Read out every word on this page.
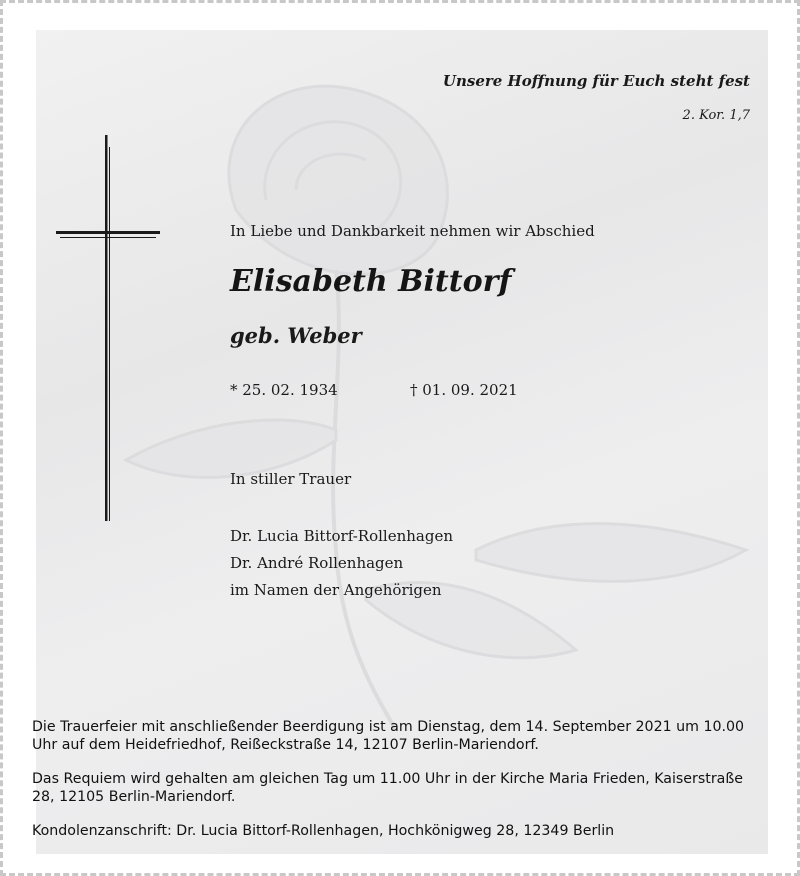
Unsere Hoffnung für Euch steht fest
2. Kor. 1,7
In Liebe und Dankbarkeit nehmen wir Abschied
Elisabeth Bittorf
geb. Weber
* 25. 02. 1934	† 01. 09. 2021
In stiller Trauer
Dr. Lucia Bittorf-Rollenhagen
Dr. André Rollenhagen
im Namen der Angehörigen

Die Trauerfeier mit anschließender Beerdigung ist am Dienstag, dem 14. September 2021 um 10.00 Uhr auf dem Heidefriedhof, Reißeckstraße 14, 12107 Berlin-Mariendorf.

Das Requiem wird gehalten am gleichen Tag um 11.00 Uhr in der Kirche Maria Frieden, Kaiserstraße 28, 12105 Berlin-Mariendorf.

Kondolenzanschrift: Dr. Lucia Bittorf-Rollenhagen, Hochkönigweg 28, 12349 Berlin
